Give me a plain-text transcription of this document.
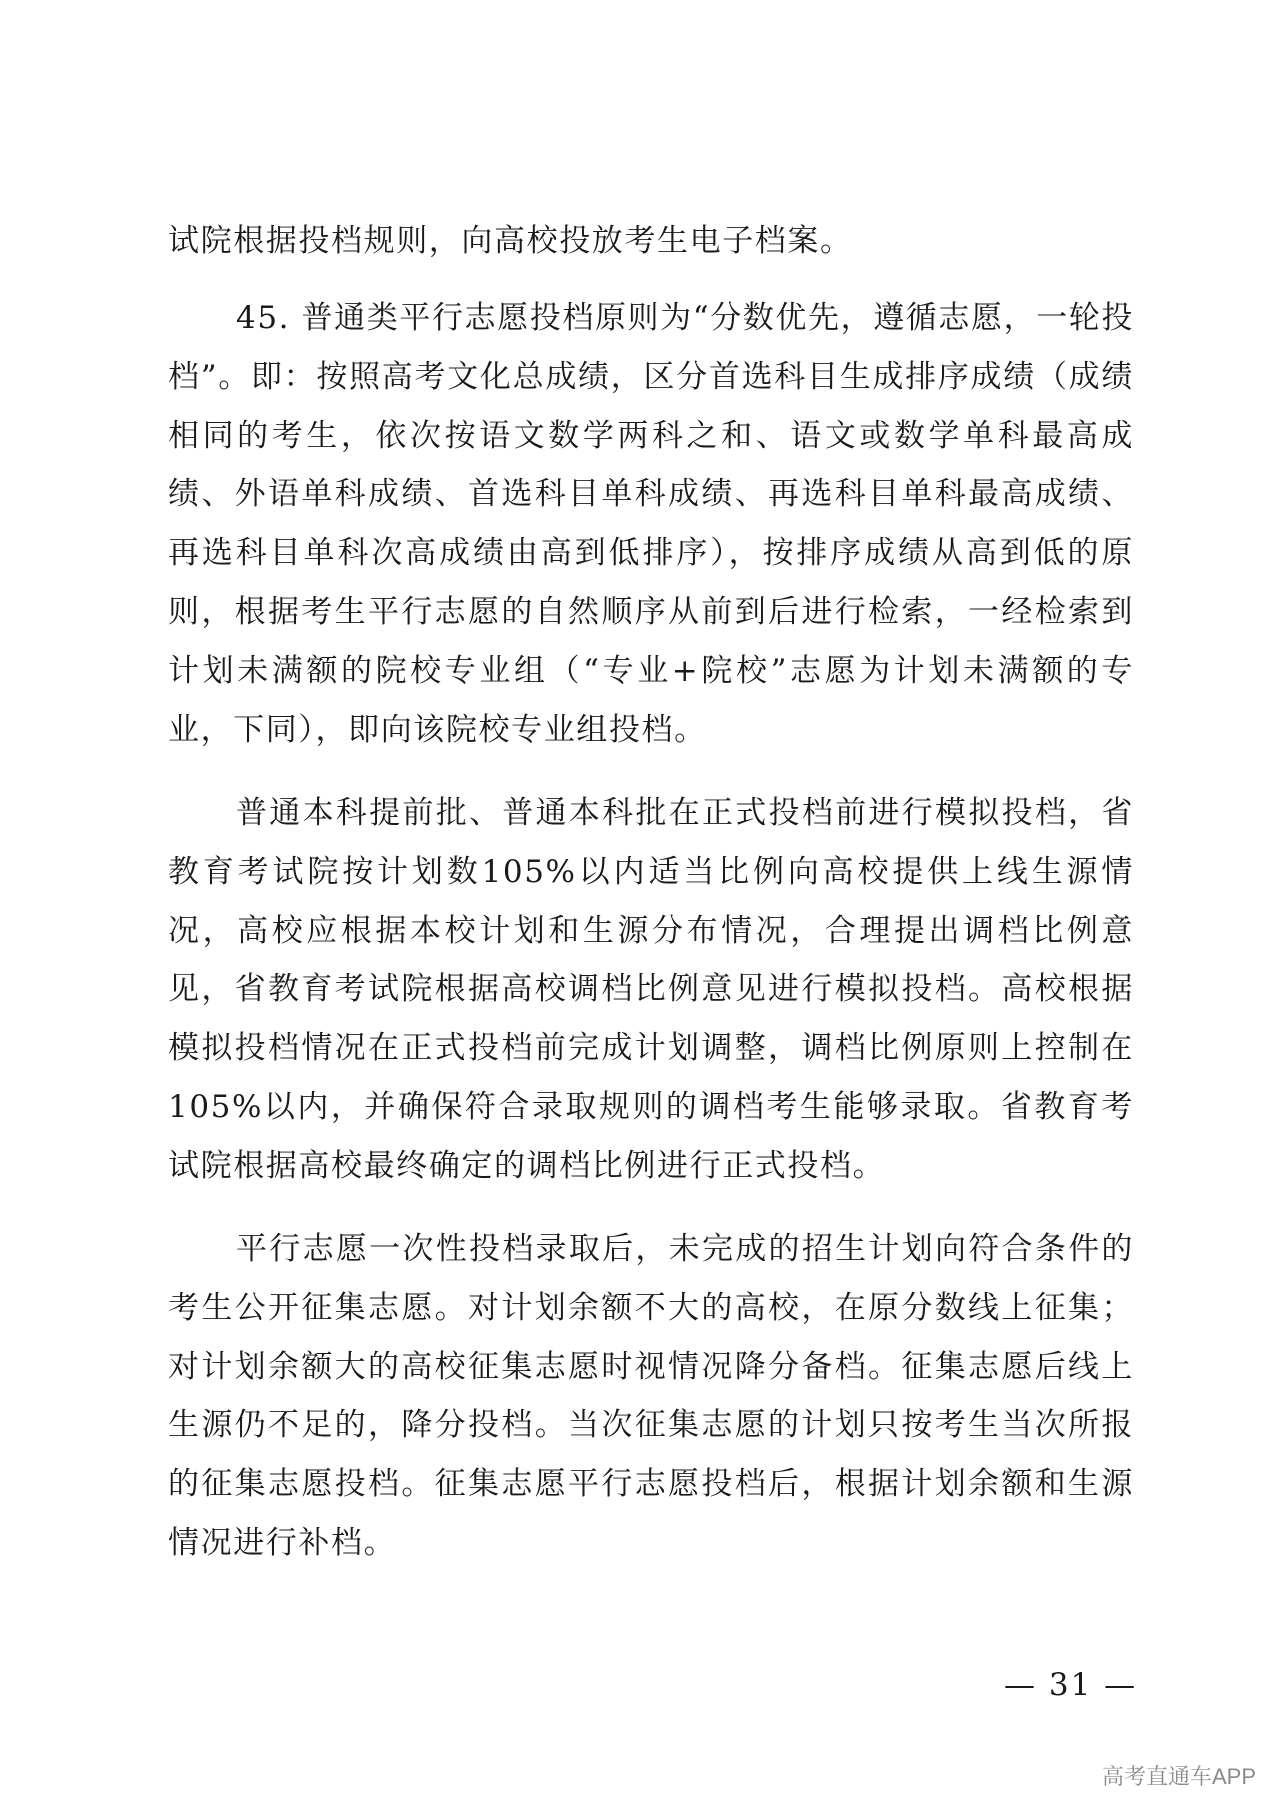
试院根据投档规则，向高校投放考生电子档案。

45. 普通类平行志愿投档原则为“分数优先，遵循志愿，一轮投档”。即：按照高考文化总成绩，区分首选科目生成排序成绩（成绩相同的考生，依次按语文数学两科之和、语文或数学单科最高成绩、外语单科成绩、首选科目单科成绩、再选科目单科最高成绩、再选科目单科次高成绩由高到低排序），按排序成绩从高到低的原则，根据考生平行志愿的自然顺序从前到后进行检索，一经检索到计划未满额的院校专业组（“专业+院校”志愿为计划未满额的专业，下同），即向该院校专业组投档。

普通本科提前批、普通本科批在正式投档前进行模拟投档，省教育考试院按计划数105%以内适当比例向高校提供上线生源情况，高校应根据本校计划和生源分布情况，合理提出调档比例意见，省教育考试院根据高校调档比例意见进行模拟投档。高校根据模拟投档情况在正式投档前完成计划调整，调档比例原则上控制在105%以内，并确保符合录取规则的调档考生能够录取。省教育考试院根据高校最终确定的调档比例进行正式投档。

平行志愿一次性投档录取后，未完成的招生计划向符合条件的考生公开征集志愿。对计划余额不大的高校，在原分数线上征集；对计划余额大的高校征集志愿时视情况降分备档。征集志愿后线上生源仍不足的，降分投档。当次征集志愿的计划只按考生当次所报的征集志愿投档。征集志愿平行志愿投档后，根据计划余额和生源情况进行补档。

— 31 —
高考直通车APP
